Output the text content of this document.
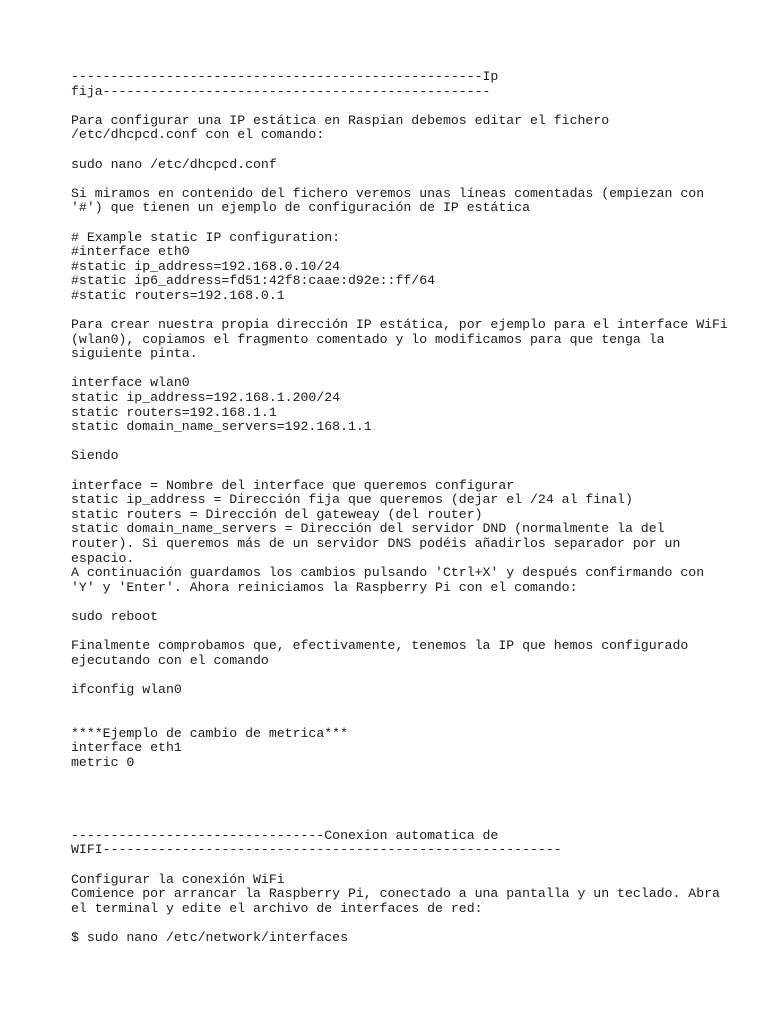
----------------------------------------------------Ip
fija-------------------------------------------------
Para configurar una IP estática en Raspian debemos editar el fichero
/etc/dhcpcd.conf con el comando:
sudo nano /etc/dhcpcd.conf
Si miramos en contenido del fichero veremos unas líneas comentadas (empiezan con
'#') que tienen un ejemplo de configuración de IP estática
# Example static IP configuration:
#interface eth0
#static ip_address=192.168.0.10/24
#static ip6_address=fd51:42f8:caae:d92e::ff/64
#static routers=192.168.0.1
Para crear nuestra propia dirección IP estática, por ejemplo para el interface WiFi
(wlan0), copiamos el fragmento comentado y lo modificamos para que tenga la
siguiente pinta.
interface wlan0
static ip_address=192.168.1.200/24
static routers=192.168.1.1
static domain_name_servers=192.168.1.1
Siendo
interface = Nombre del interface que queremos configurar
static ip_address = Dirección fija que queremos (dejar el /24 al final)
static routers = Dirección del gateweay (del router)
static domain_name_servers = Dirección del servidor DND (normalmente la del
router). Si queremos más de un servidor DNS podéis añadirlos separador por un
espacio.
A continuación guardamos los cambios pulsando 'Ctrl+X' y después confirmando con
'Y' y 'Enter'. Ahora reiniciamos la Raspberry Pi con el comando:
sudo reboot
Finalmente comprobamos que, efectivamente, tenemos la IP que hemos configurado
ejecutando con el comando
ifconfig wlan0
****Ejemplo de cambio de metrica***
interface eth1
metric 0
--------------------------------Conexion automatica de
WIFI----------------------------------------------------------
Configurar la conexión WiFi
Comience por arrancar la Raspberry Pi, conectado a una pantalla y un teclado. Abra
el terminal y edite el archivo de interfaces de red:
$ sudo nano /etc/network/interfaces
